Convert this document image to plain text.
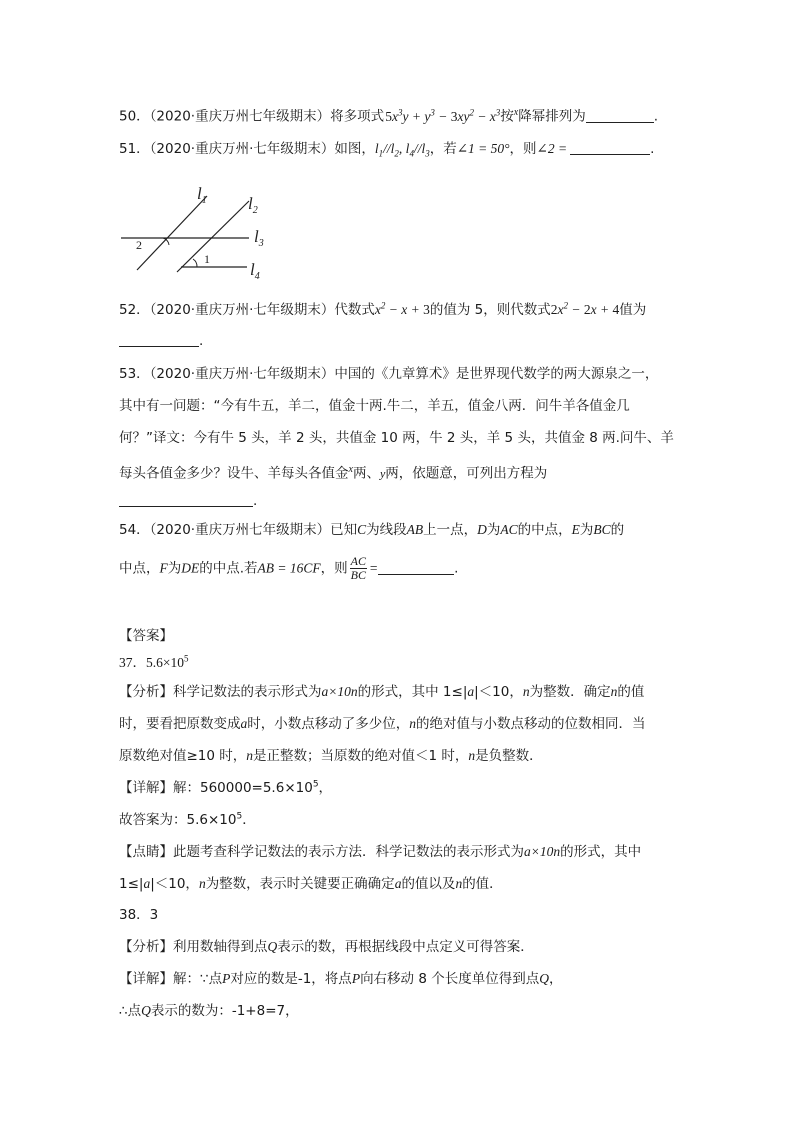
50．（2020·重庆万州七年级期末）将多项式 $5x^3y + y^3 - 3xy^2 - x^3$按$^x$降幂排列为	.
51．（2020·重庆万州·七年级期末）如图，$l_1//l_2$, $l_4//l_3$，若∠1 = 50°，则∠2 =	.
$l_1$ $l_2$
$l_3$
$l_4$
1
2
52．（2020·重庆万州·七年级期末）代数式$x^2 - x + 3$的值为 5，则代数式$2x^2 - 2x + 4$值为
.
53．（2020·重庆万州·七年级期末）中国的《九章算术》是世界现代数学的两大源泉之一，
其中有一问题：“今有牛五，羊二，值金十两.牛二，羊五，值金八两．问牛羊各值金几
何？”译文：今有牛 5 头，羊 2 头，共值金 10 两，牛 2 头，羊 5 头，共值金 8 两.问牛、羊
每头各值金多少？设牛、羊每头各值金$^x$两、y两，依题意，可列出方程为
.
54．（2020·重庆万州七年级期末）已知C为线段AB上一点，D为AC的中点，E为BC的
中点，F为DE的中点.若AB = 16CF，则 $\frac{AC}{BC}$ =	.
【答案】
37．$5.6\times 10^5$
【分析】科学记数法的表示形式为a×10n的形式，其中 1≤|a|＜10，n为整数．确定n的值
时，要看把原数变成a时，小数点移动了多少位，n的绝对值与小数点移动的位数相同．当
原数绝对值≥10 时，n是正整数；当原数的绝对值＜1 时，n是负整数．
【详解】解：$560000=5.6\times 10^5$，
故答案为：$5.6\times 10^5$．
【点睛】此题考查科学记数法的表示方法．科学记数法的表示形式为a×10n的形式，其中
1≤|a|＜10，n为整数，表示时关键要正确确定a的值以及n的值．
38．3
【分析】利用数轴得到点Q表示的数，再根据线段中点定义可得答案．
【详解】解：∵点P对应的数是-1，将点P向右移动 8 个长度单位得到点Q，
∴点Q表示的数为：-1+8=7，
